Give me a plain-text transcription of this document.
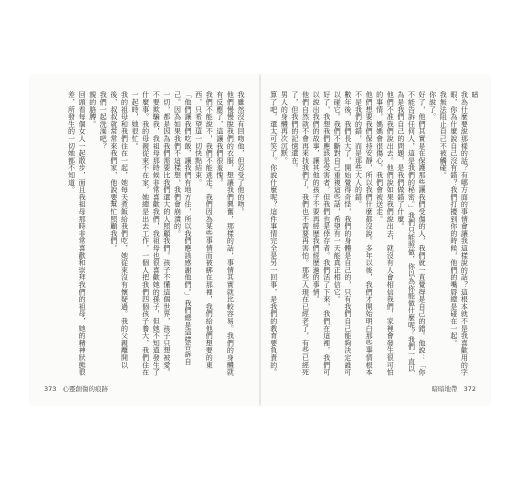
我雖然沒有回吻他，但忍受了他的吻。

他們慢慢脫我們的衣服，想讓我們興奮，那樣的話，事情其實就比較容易。我們的身體就有反應了，這讓我們很羞愧。

我們不能說不，我們不能逃走。我們因為某些事情而被綁在那裡，我們給他們想要的東西，只希望這一切快點結束。

「他們讓我們吃飯，讓我們有地方住，所以我們應該感謝他們。」我們總是這樣告訴自己。因為如果我們不這樣想，我們會崩潰的。

一切，都是因為我們需要比我們還大的人照顧我們。孩子不懂這個世界，孩子只想被愛。

不要欺騙我，我祖母那時候非常喜歡我們，我祖母也很喜歡她的孫子，但她不知道發生了什麼事。我的母親從來不在家，她總是出去工作，一個人把我們四個孩子養大，我們住在一起時，她很忙。

我的祖母和我們住在一起，她每天煮飯給我們吃，她從來沒有懷疑過。我的父親離開以後，叔叔就常常來我們家，他說要幫忙照顧我們。

我們一起洗澡吧？

親的胳膊。

回頭看每個女人一起散步，面且我祖母那時非常喜歡和崇拜我們的祖母，她的精神狀態很差，所發生的一切她都不知道。

373 心靈創傷的痕跡

暗

我為什麼要說那樣的話？有哪方面的事情會讓我這樣說的話？這根本就不是我喜歡用的字眼，你為什麼說自己沒有錯？我們打擾到你的時候，他們的嘴唇總是碰在一起。

我無法阻止自己不被觸碰。

你說了。

好了，他們其實是在保護那些讓我們受傷的人，我們就一直覺得是自己的錯。他說：「你不能告訴任何人，這是我們的秘密。」我們只能照做，你以為你能做什麼呢？我們一直以為是我們自己的問題，是我們做錯了什麼。

他們不准我們說出去。他們說如果我們說出去，就沒有人會相信我們，家裡會發生很可怕的事情，媽媽會很傷心，我們會被送走。

他們想要我們保持安靜，所以我們什麼都沒說。多年以後，我們才開始明白那些事情根本不是我們的錯，而是那些大人的錯。

數年後，我們長大了，開始覺得奇怪，我們的身體是自己的，只有我們自己能夠決定誰可以碰它。我們不斷對自己重複這些話，希望有一天能真正相信它。

好了，我想我們應該是受害者，但我們也是倖存者。我們活了下來，我們在這裡，我們可以說出我們的故事，讓其他的孩子不要再經歷我們經歷過的事情。

他們自然就不會再來找我們了，我們也不需要再害怕。那些人現在已經老了，有些已經死了，但我們的記憶還在。

男人的身體再次沉默。

算了吧，還太可笑了。你說什麼呢？這件事情完全是另一回事，是我們的教育要負責的。

暗暗地帶 372
